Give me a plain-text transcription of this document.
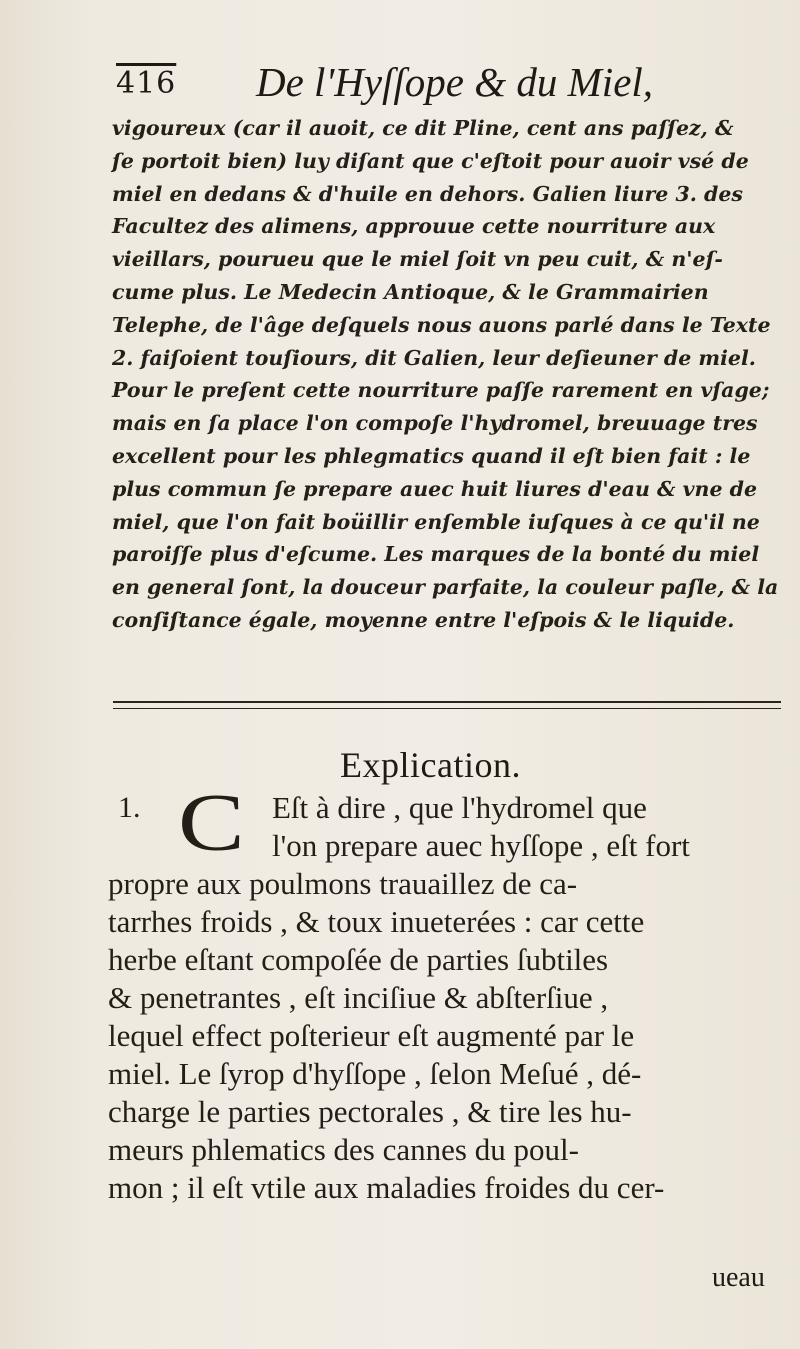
416 De l'Hyſſope & du Miel,
vigoureux (car il auoit, ce dit Pline, cent ans paſſez, &
ſe portoit bien) luy diſant que c'eſtoit pour auoir vsé de
miel en dedans & d'huile en dehors. Galien liure 3. des
Facultez des alimens, approuue cette nourriture aux
vieillars, pourueu que le miel ſoit vn peu cuit, & n'eſ-
cume plus. Le Medecin Antioque, & le Grammairien
Telephe, de l'âge deſquels nous auons parlé dans le Texte
2. faiſoient touſiours, dit Galien, leur deſieuner de miel.
Pour le preſent cette nourriture paſſe rarement en vſage;
mais en ſa place l'on compoſe l'hydromel, breuuage tres
excellent pour les phlegmatics quand il eſt bien fait : le
plus commun ſe prepare auec huit liures d'eau & vne de
miel, que l'on fait boüillir enſemble iuſques à ce qu'il ne
paroiſſe plus d'eſcume. Les marques de la bonté du miel
en general ſont, la douceur parfaite, la couleur paſle, & la
conſiſtance égale, moyenne entre l'eſpois & le liquide.
Explication.
1. C Eſt à dire , que l'hydromel que
l'on prepare auec hyſſope , eſt fort
propre aux poulmons trauaillez de ca-
tarrhes froids , & toux inueterées : car cette
herbe eſtant compoſée de parties ſubtiles
& penetrantes , eſt inciſiue & abſterſiue ,
lequel effect poſterieur eſt augmenté par le
miel. Le ſyrop d'hyſſope , ſelon Meſué , dé-
charge le parties pectorales , & tire les hu-
meurs phlematics des cannes du poul-
mon ; il eſt vtile aux maladies froides du cer-
ueau
